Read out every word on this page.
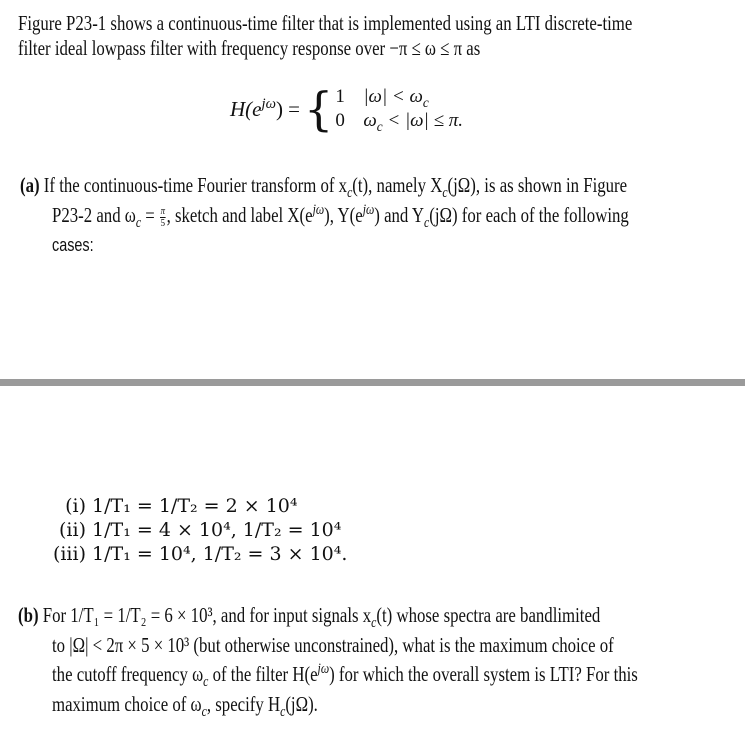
Figure P23-1 shows a continuous-time filter that is implemented using an LTI discrete-time
filter ideal lowpass filter with frequency response over −π ≤ ω ≤ π as
$H(e^{j\omega})$ = { 1 $|\omega| < \omega_c$
0 $\omega_c < |\omega| \le \pi$.
(a) If the continuous-time Fourier transform of $x_c(t)$, namely $X_c(j\Omega)$, is as shown in Figure
P23-2 and $\omega_c = \frac{\pi}{5}$ , sketch and label $X(e^{j\omega})$, $Y(e^{j\omega})$ and $Y_c(j\Omega)$ for each of the following
cases:
(i) 1/T₁ = 1/T₂ = 2 × 10⁴
(ii) 1/T₁ = 4 × 10⁴, 1/T₂ = 10⁴
(iii) 1/T₁ = 10⁴, 1/T₂ = 3 × 10⁴.
(b) For 1/T₁ = 1/T₂ = 6 × 10³, and for input signals $x_c(t)$ whose spectra are bandlimited
to |Ω| < 2π × 5 × 10³ (but otherwise unconstrained), what is the maximum choice of
the cutoff frequency $\omega_c$ of the filter $H(e^{j\omega})$ for which the overall system is LTI? For this
maximum choice of $\omega_c$, specify $H_c(j\Omega)$.
